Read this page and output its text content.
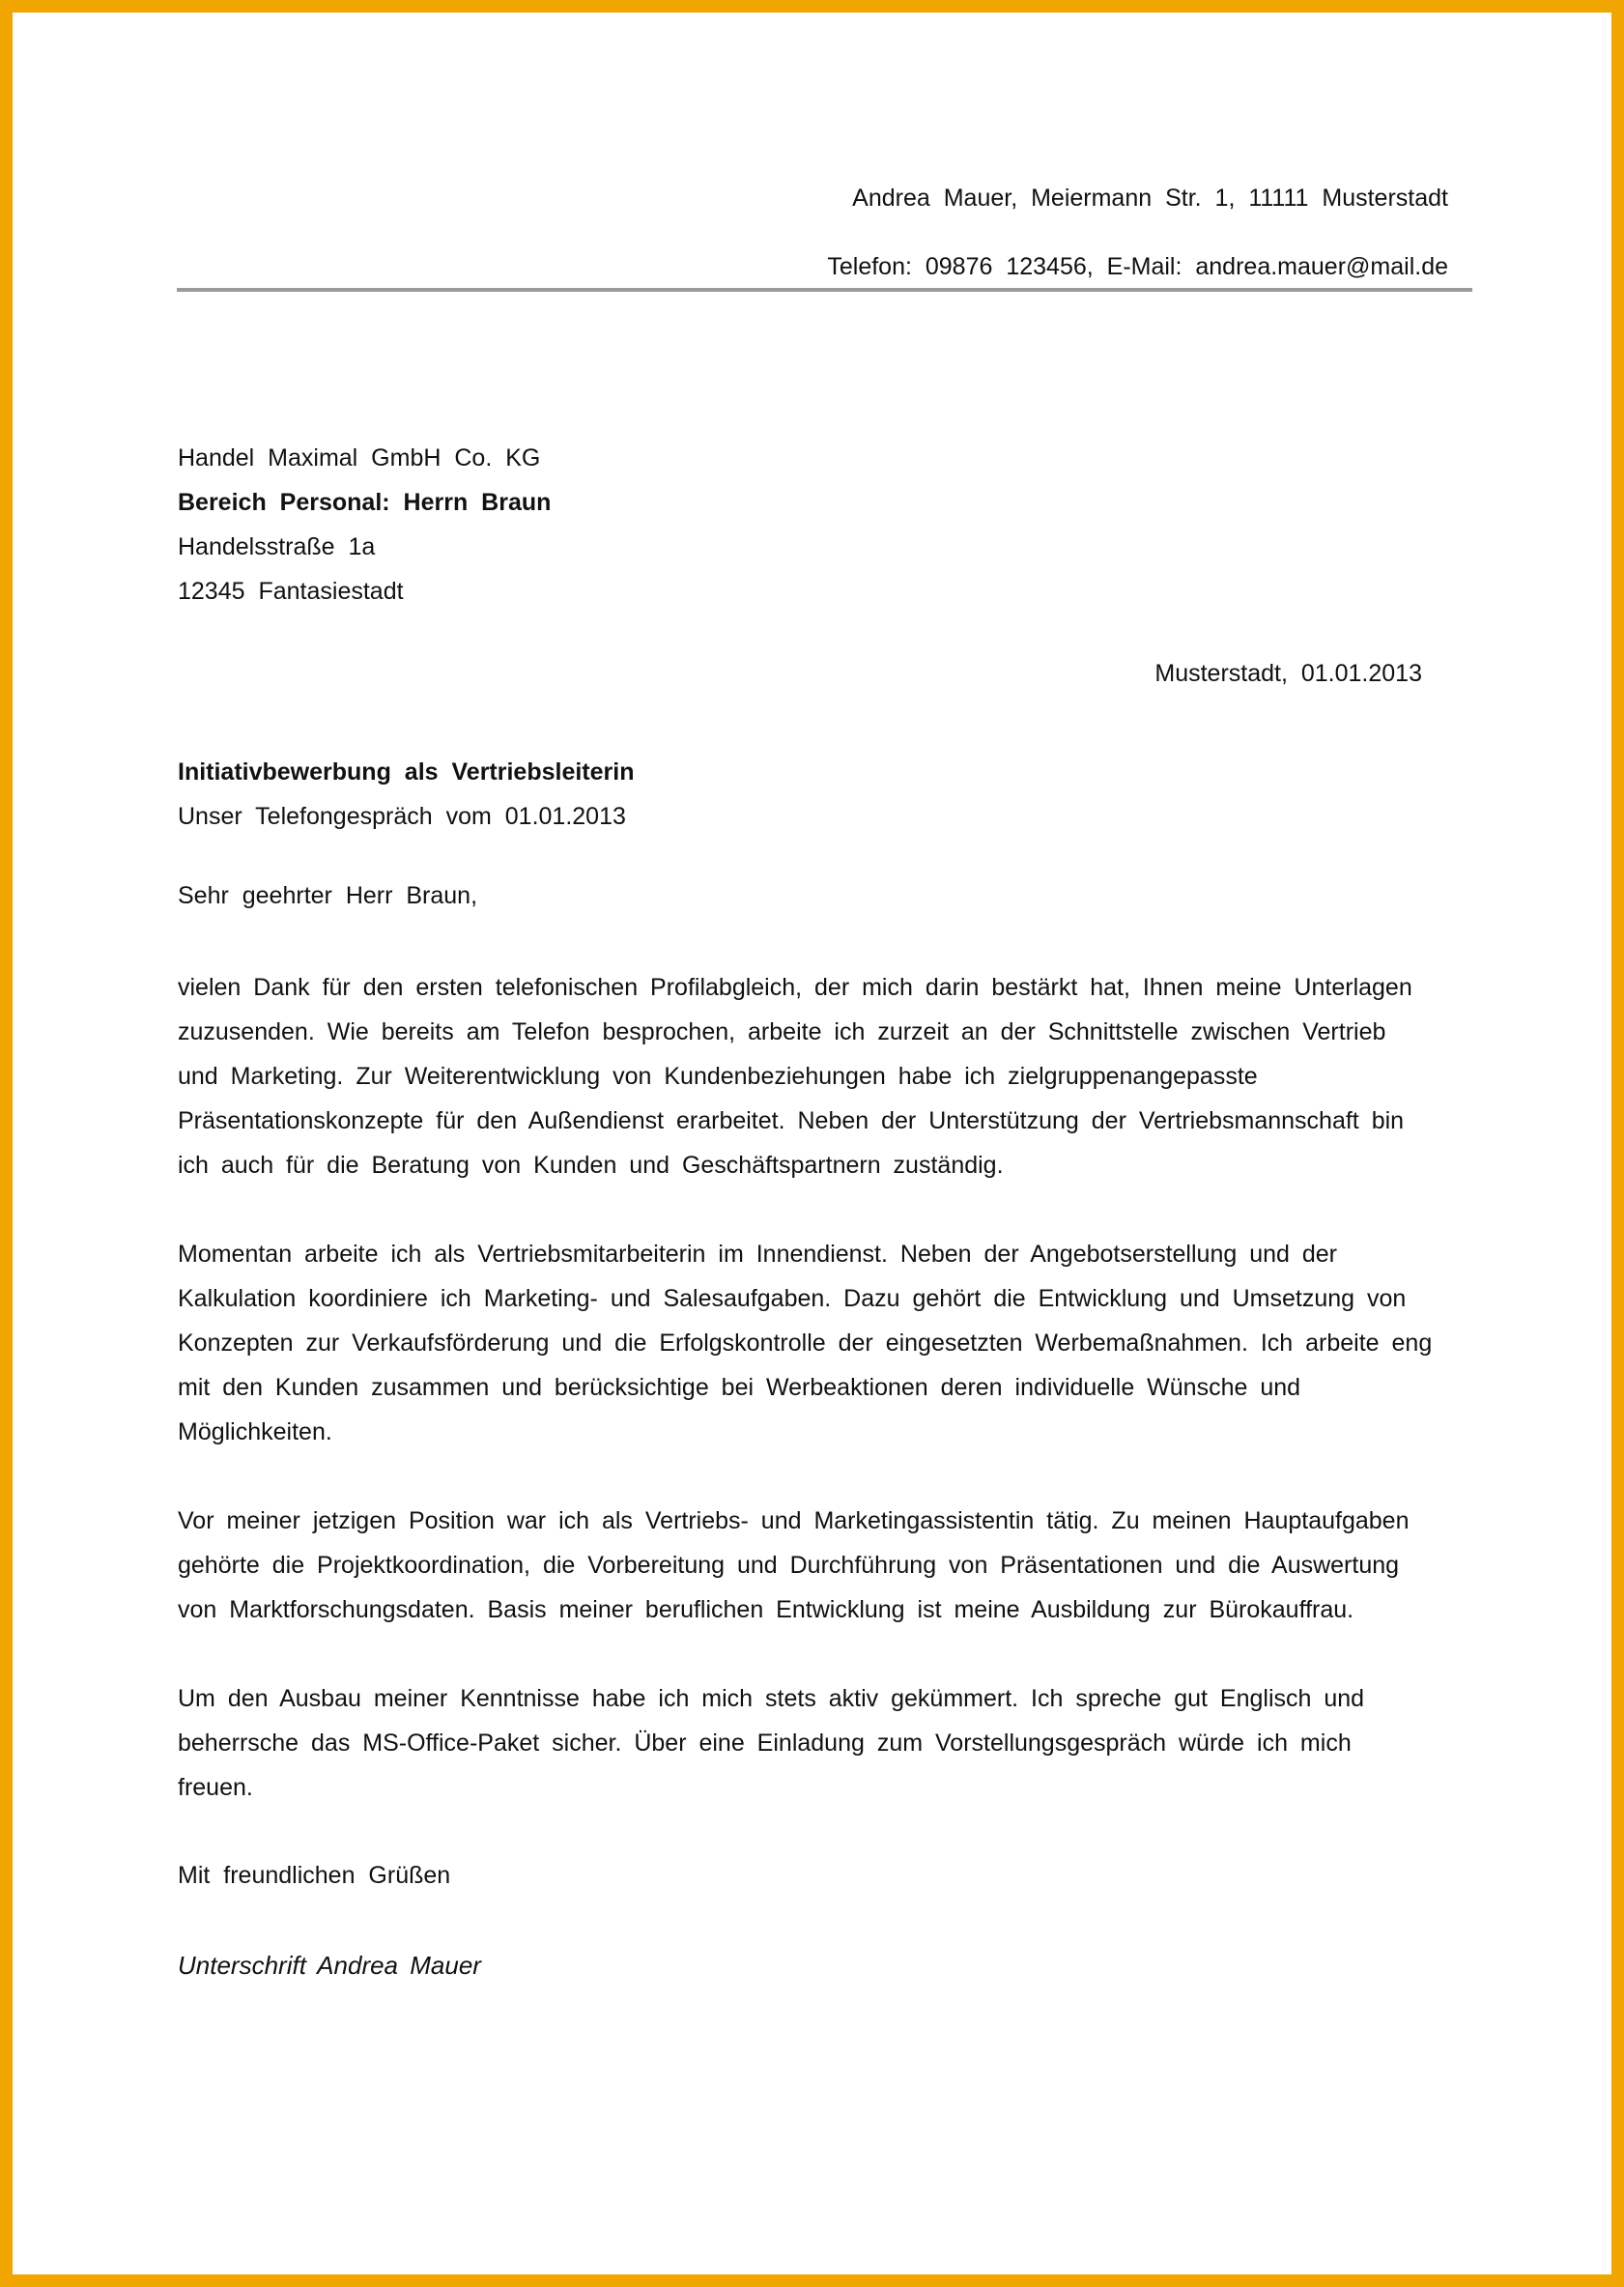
Andrea Mauer, Meiermann Str. 1, 11111 Musterstadt
Telefon: 09876 123456, E-Mail: andrea.mauer@mail.de
Handel Maximal GmbH Co. KG
Bereich Personal: Herrn Braun
Handelsstraße 1a
12345 Fantasiestadt
Musterstadt, 01.01.2013
Initiativbewerbung als Vertriebsleiterin
Unser Telefongespräch vom 01.01.2013
Sehr geehrter Herr Braun,

vielen Dank für den ersten telefonischen Profilabgleich, der mich darin bestärkt hat, Ihnen meine Unterlagen
zuzusenden. Wie bereits am Telefon besprochen, arbeite ich zurzeit an der Schnittstelle zwischen Vertrieb
und Marketing. Zur Weiterentwicklung von Kundenbeziehungen habe ich zielgruppenangepasste
Präsentationskonzepte für den Außendienst erarbeitet. Neben der Unterstützung der Vertriebsmannschaft bin
ich auch für die Beratung von Kunden und Geschäftspartnern zuständig.

Momentan arbeite ich als Vertriebsmitarbeiterin im Innendienst. Neben der Angebotserstellung und der
Kalkulation koordiniere ich Marketing- und Salesaufgaben. Dazu gehört die Entwicklung und Umsetzung von
Konzepten zur Verkaufsförderung und die Erfolgskontrolle der eingesetzten Werbemaßnahmen. Ich arbeite eng
mit den Kunden zusammen und berücksichtige bei Werbeaktionen deren individuelle Wünsche und
Möglichkeiten.

Vor meiner jetzigen Position war ich als Vertriebs- und Marketingassistentin tätig. Zu meinen Hauptaufgaben
gehörte die Projektkoordination, die Vorbereitung und Durchführung von Präsentationen und die Auswertung
von Marktforschungsdaten. Basis meiner beruflichen Entwicklung ist meine Ausbildung zur Bürokauffrau.

Um den Ausbau meiner Kenntnisse habe ich mich stets aktiv gekümmert. Ich spreche gut Englisch und
beherrsche das MS-Office-Paket sicher. Über eine Einladung zum Vorstellungsgespräch würde ich mich
freuen.

Mit freundlichen Grüßen
Unterschrift Andrea Mauer
